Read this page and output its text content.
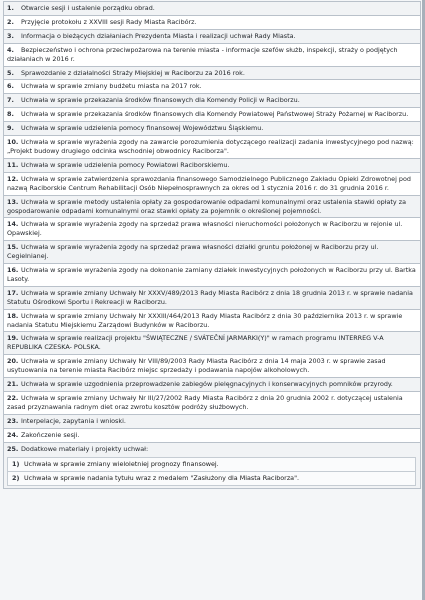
1. Otwarcie sesji i ustalenie porządku obrad.
2. Przyjęcie protokołu z XXVIII sesji Rady Miasta Racibórz.
3. Informacja o bieżących działaniach Prezydenta Miasta i realizacji uchwał Rady Miasta.
4. Bezpieczeństwo i ochrona przeciwpożarowa na terenie miasta - informacje szefów służb, inspekcji, straży o podjętych działaniach w 2016 r.
5. Sprawozdanie z działalności Straży Miejskiej w Raciborzu za 2016 rok.
6. Uchwała w sprawie zmiany budżetu miasta na 2017 rok.
7. Uchwała w sprawie przekazania środków finansowych dla Komendy Policji w Raciborzu.
8. Uchwała w sprawie przekazania środków finansowych dla Komendy Powiatowej Państwowej Straży Pożarnej w Raciborzu.
9. Uchwała w sprawie udzielenia pomocy finansowej Województwu Śląskiemu.
10. Uchwała w sprawie wyrażenia zgody na zawarcie porozumienia dotyczącego realizacji zadania inwestycyjnego pod nazwą: „Projekt budowy drugiego odcinka wschodniej obwodnicy Raciborza".
11. Uchwała w sprawie udzielenia pomocy Powiatowi Raciborskiemu.
12. Uchwała w sprawie zatwierdzenia sprawozdania finansowego Samodzielnego Publicznego Zakładu Opieki Zdrowotnej pod nazwą Raciborskie Centrum Rehabilitacji Osób Niepełnosprawnych za okres od 1 stycznia 2016 r. do 31 grudnia 2016 r.
13. Uchwała w sprawie metody ustalenia opłaty za gospodarowanie odpadami komunalnymi oraz ustalenia stawki opłaty za gospodarowanie odpadami komunalnymi oraz stawki opłaty za pojemnik o określonej pojemności.
14. Uchwała w sprawie wyrażenia zgody na sprzedaż prawa własności nieruchomości położonych w Raciborzu w rejonie ul. Opawskiej.
15. Uchwała w sprawie wyrażenia zgody na sprzedaż prawa własności działki gruntu położonej w Raciborzu przy ul. Cegielnianej.
16. Uchwała w sprawie wyrażenia zgody na dokonanie zamiany działek inwestycyjnych położonych w Raciborzu przy ul. Bartka Lasoty.
17. Uchwała w sprawie zmiany Uchwały Nr XXXV/489/2013 Rady Miasta Racibórz z dnia 18 grudnia 2013 r. w sprawie nadania Statutu Ośrodkowi Sportu i Rekreacji w Raciborzu.
18. Uchwała w sprawie zmiany Uchwały Nr XXXIII/464/2013 Rady Miasta Racibórz z dnia 30 października 2013 r. w sprawie nadania Statutu Miejskiemu Zarządowi Budynków w Raciborzu.
19. Uchwała w sprawie realizacji projektu "ŚWIĄTECZNE / SVÁTEČNÍ JARMARKI(Y)" w ramach programu INTERREG V-A REPUBLIKA CZESKA- POLSKA.
20. Uchwała w sprawie zmiany Uchwały Nr VIII/89/2003 Rady Miasta Racibórz z dnia 14 maja 2003 r. w sprawie zasad usytuowania na terenie miasta Racibórz miejsc sprzedaży i podawania napojów alkoholowych.
21. Uchwała w sprawie uzgodnienia przeprowadzenie zabiegów pielęgnacyjnych i konserwacyjnych pomników przyrody.
22. Uchwała w sprawie zmiany Uchwały Nr III/27/2002 Rady Miasta Racibórz z dnia 20 grudnia 2002 r. dotyczącej ustalenia zasad przyznawania radnym diet oraz zwrotu kosztów podróży służbowych.
23. Interpelacje, zapytania i wnioski.
24. Zakończenie sesji.
25. Dodatkowe materiały i projekty uchwał:
1) Uchwała w sprawie zmiany wieloletniej prognozy finansowej.
2) Uchwała w sprawie nadania tytułu wraz z medalem "Zasłużony dla Miasta Raciborza".
